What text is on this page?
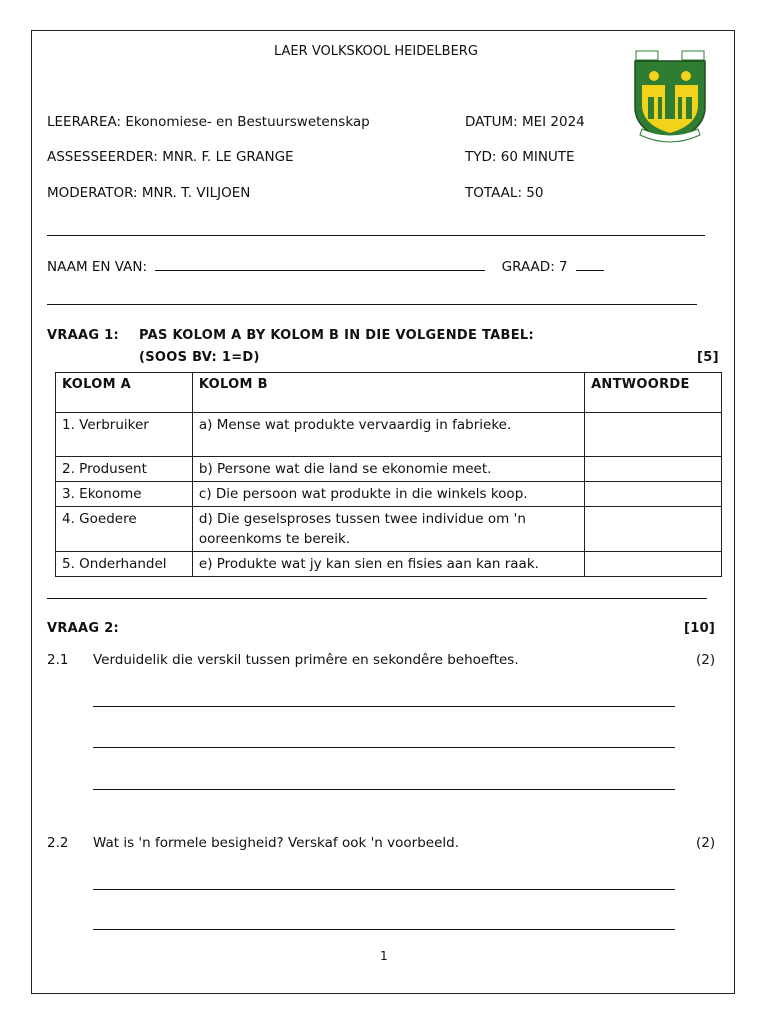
LAER VOLKSKOOL HEIDELBERG
LEERAREA: Ekonomiese- en Bestuurswetenskap	DATUM: MEI 2024
ASSESSEERDER: MNR. F. LE GRANGE	TYD: 60 MINUTE
MODERATOR: MNR. T. VILJOEN	TOTAAL: 50
NAAM EN VAN:	GRAAD: 7
VRAAG 1: PAS KOLOM A BY KOLOM B IN DIE VOLGENDE TABEL:
(SOOS BV: 1=D)	[5]
KOLOM A	KOLOM B	ANTWOORDE
1. Verbruiker	a) Mense wat produkte vervaardig in fabrieke.	
2. Produsent	b) Persone wat die land se ekonomie meet.	
3. Ekonome	c) Die persoon wat produkte in die winkels koop.	
4. Goedere	d) Die geselsproses tussen twee individue om 'n ooreenkoms te bereik.	
5. Onderhandel	e) Produkte wat jy kan sien en fisies aan kan raak.	
VRAAG 2:	[10]
2.1 Verduidelik die verskil tussen primêre en sekondêre behoeftes.	(2)
2.2 Wat is 'n formele besigheid? Verskaf ook 'n voorbeeld.	(2)
1
